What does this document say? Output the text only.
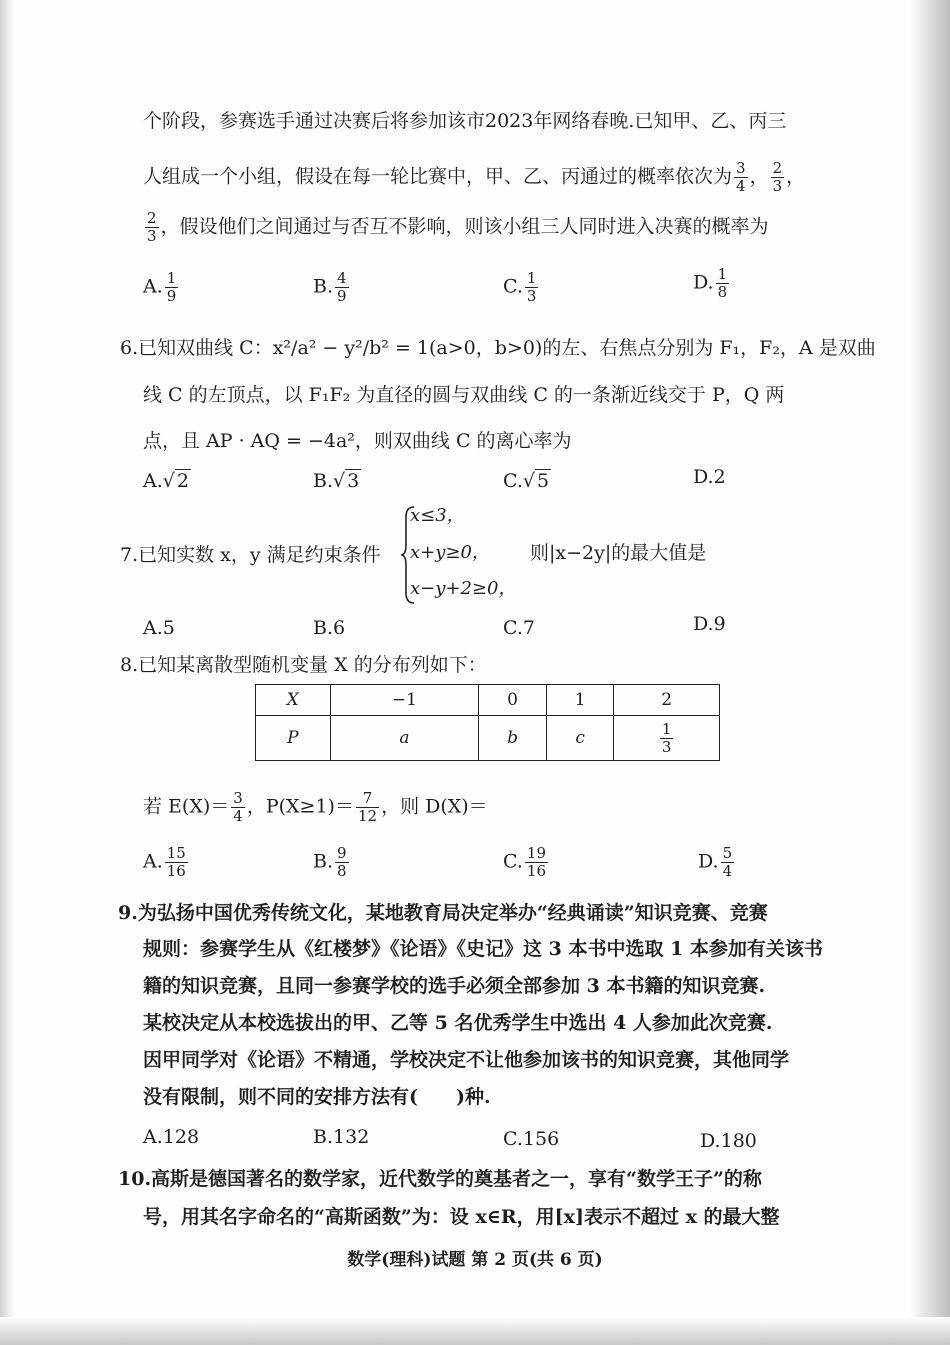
个阶段，参赛选手通过决赛后将参加该市2023年网络春晚.已知甲、乙、丙三
人组成一个小组，假设在每一轮比赛中，甲、乙、丙通过的概率依次为 $\frac{3}{4}$ ， $\frac{2}{3}$ ，
$\frac{2}{3}$ ，假设他们之间通过与否互不影响，则该小组三人同时进入决赛的概率为
A. $\frac{1}{9}$	B. $\frac{4}{9}$	C. $\frac{1}{3}$	D. $\frac{1}{8}$
6.已知双曲线 C：x²/a² − y²/b² = 1(a>0，b>0)的左、右焦点分别为 F₁，F₂，A 是双曲
线 C 的左顶点，以 F₁F₂ 为直径的圆与双曲线 C 的一条渐近线交于 P，Q 两
点，且 AP · AQ = −4a²，则双曲线 C 的离心率为
A.√ 2	B.√ 3	C.√ 5	D.2
7.已知实数 x，y 满足约束条件
x≤3，
x+y≥0，
x−y+2≥0，
则|x−2y|的最大值是
A.5	B.6	C.7	D.9
8.已知某离散型随机变量 X 的分布列如下：
X	−1	0	1	2
P	a	b	c	$\frac{1}{3}$
若 $E(X)= \frac{3}{4}$ ，$P(X\ge 1)= \frac{7}{12}$ ，则 D(X)＝
A. $\frac{15}{16}$	B. $\frac{9}{8}$	C. $\frac{19}{16}$	D. $\frac{5}{4}$
9.为弘扬中国优秀传统文化，某地教育局决定举办“经典诵读”知识竞赛、竞赛
规则：参赛学生从《红楼梦》《论语》《史记》这 3 本书中选取 1 本参加有关该书
籍的知识竞赛，且同一参赛学校的选手必须全部参加 3 本书籍的知识竞赛.
某校决定从本校选拔出的甲、乙等 5 名优秀学生中选出 4 人参加此次竞赛.
因甲同学对《论语》不精通，学校决定不让他参加该书的知识竞赛，其他同学
没有限制，则不同的安排方法有(　　)种.
A.128	B.132	C.156	D.180
10.高斯是德国著名的数学家，近代数学的奠基者之一，享有“数学王子”的称
号，用其名字命名的“高斯函数”为：设 x∈R，用[x]表示不超过 x 的最大整
数学(理科)试题 第 2 页(共 6 页)
